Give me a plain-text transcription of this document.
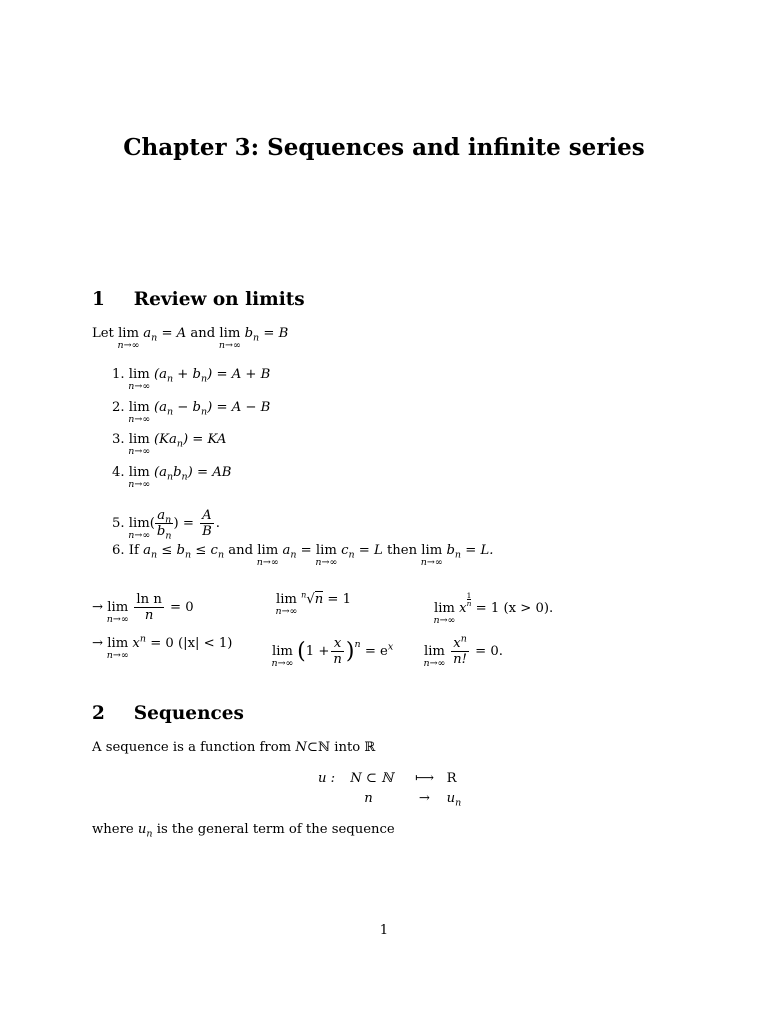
Chapter 3: Sequences and infinite series
1 Review on limits
Let lim
n→∞
$a_n = A$ and lim
n→∞
$b_n = B$
1. lim
n→∞
$(a_n + b_n) = A + B$
2. lim
n→∞
$(a_n - b_n) = A - B$
3. lim
n→∞
$(Ka_n)$ = KA
4. lim
n→∞
$(a_nb_n)$ = AB
5. lim
n→∞
( $\frac{a_n}{b_n}$ ) = $\frac{A}{B}$ .
6. If $a_n \le b_n \le c_n$ and lim
n→∞
$a_n = \lim$
n→∞
$c_n = L$ then lim
n→∞
$b_n = L$.
→ lim
n→∞
$\frac{\text{ln n}}{n} = 0$
lim
n→∞
$^n$√n = 1
lim
n→∞
x
$\frac{1}{n}$
= 1 (x > 0).
→ lim
n→∞
$x^n = 0$ (|x| < 1)
lim
n→∞ $(1 + \frac{x}{n} )^n = e^x$ lim
n→∞
$\frac{x^n}{n!} = 0$.
2 Sequences
A sequence is a function from N⊂ℕ into ℝ
u : N ⊂ ℕ ⟼ R
n	→ $u_n$
where $u_n$ is the general term of the sequence
1
